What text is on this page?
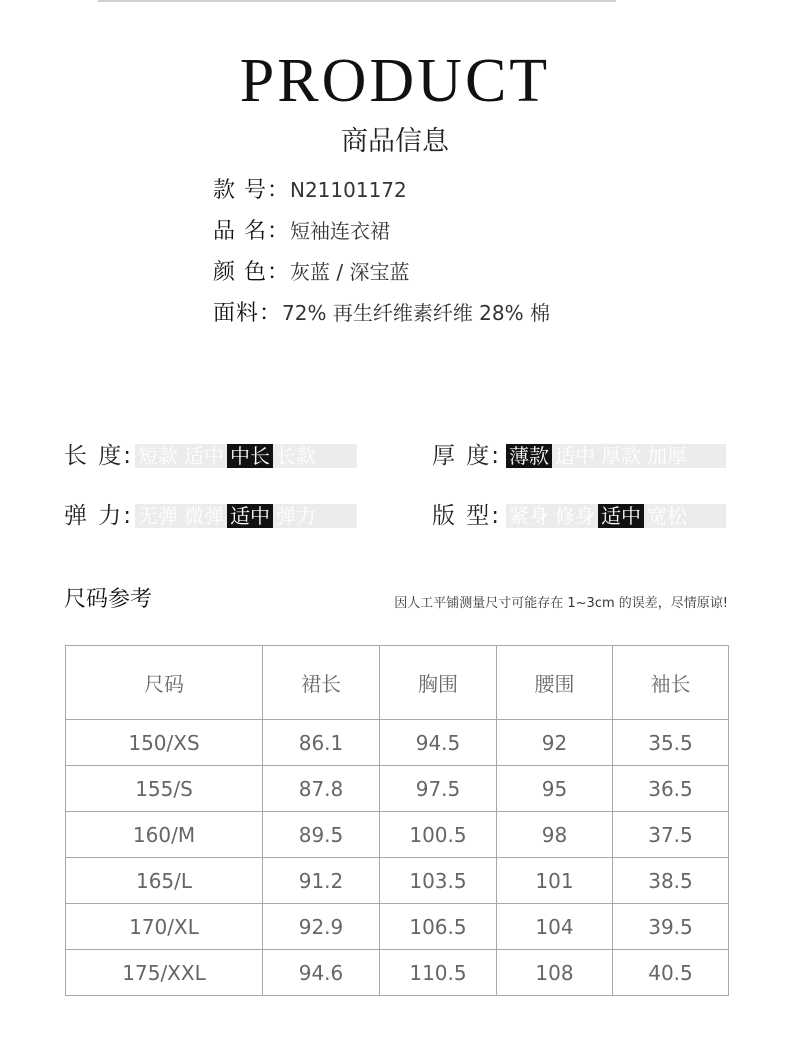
PRODUCT
商品信息
款 号：N21101172
品 名：短袖连衣裙
颜 色：灰蓝 / 深宝蓝
面料：72% 再生纤维素纤维 28% 棉
长 度: 短款 适中 中长 长款	厚 度: 薄款 适中 厚款 加厚
弹 力: 无弹 微弹 适中 弹力	版 型: 紧身 修身 适中 宽松
尺码参考	因人工平铺测量尺寸可能存在 1~3cm 的误差，尽情原谅!
尺码	裙长	胸围	腰围	袖长
150/XS	86.1	94.5	92	35.5
155/S	87.8	97.5	95	36.5
160/M	89.5	100.5	98	37.5
165/L	91.2	103.5	101	38.5
170/XL	92.9	106.5	104	39.5
175/XXL	94.6	110.5	108	40.5
